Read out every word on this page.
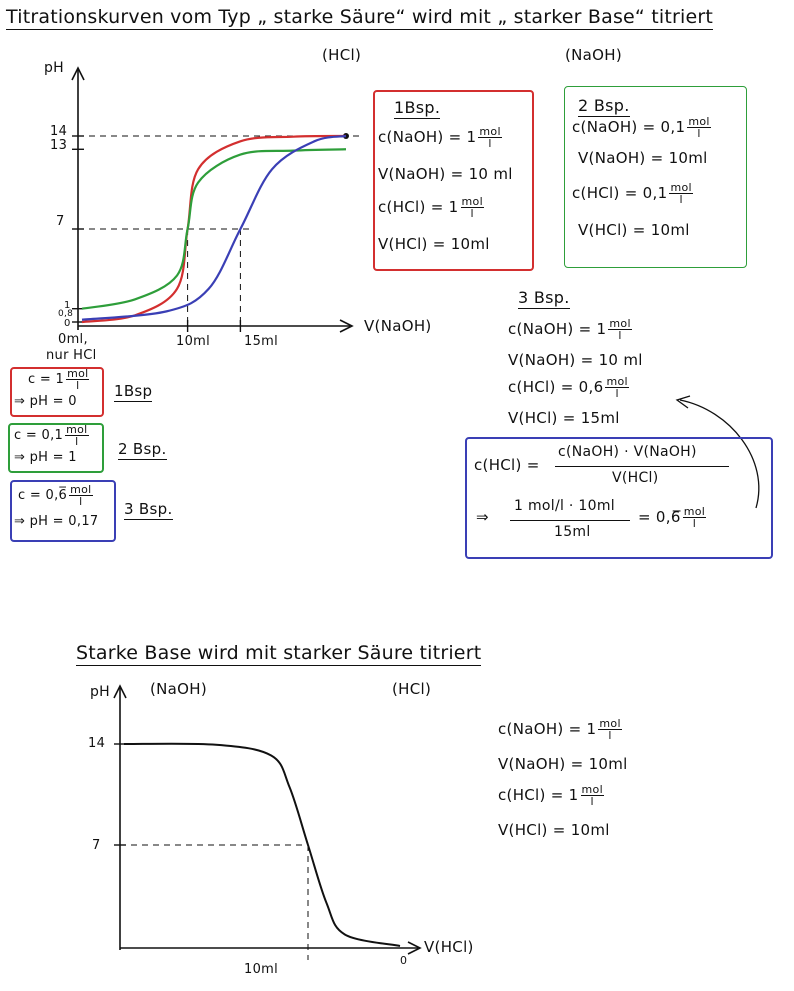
Titrationskurven vom Typ „ starke Säure“ wird mit „ starker Base“ titriert
(HCl)	(NaOH)
pH
V(NaOH)
14
13
7
1
0,8
0
0ml,
nur HCl
10ml	15ml
1Bsp.
c(NaOH) = $1 \frac{\text{mol}}{l}$
V(NaOH) = 10 ml
$c(HCl) = 1 \frac{\text{mol}}{l}$
V(HCl) = 10ml
2 Bsp.
c(NaOH) = $0,1 \frac{\text{mol}}{l}$
V(NaOH) = 10ml
$c(HCl) = 0,1 \frac{\text{mol}}{l}$
V(HCl) = 10ml
3 Bsp.
c(NaOH) = $1 \frac{\text{mol}}{l}$
V(NaOH) = 10 ml
$c(HCl) = 0,6 \frac{\text{mol}}{l}$
V(HCl) = 15ml
c(HCl) =
c(NaOH) · V(NaOH)
V(HCl)
⇒
1 mol/l · 10ml
15ml
= 0,6̅ $\frac{\text{mol}}{l}$
$c = 1 \frac{\text{mol}}{l}$
⇒ pH = 0
1Bsp
$c = 0,1 \frac{\text{mol}}{l}$
⇒ pH = 1	2 Bsp.
c = 0,6̅ $\frac{\text{mol}}{l}$
⇒ pH = 0,17
3 Bsp.
Starke Base wird mit starker Säure titriert
pH	(NaOH)	(HCl)
V(HCl)
14
7
10ml
0
c(NaOH) = $1 \frac{\text{mol}}{l}$
V(NaOH) = 10ml
$c(HCl) = 1 \frac{\text{mol}}{l}$
V(HCl) = 10ml
